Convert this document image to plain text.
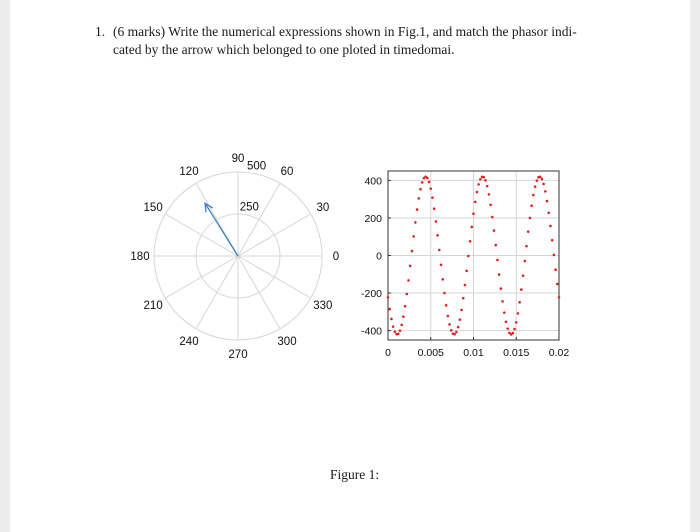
1. (6 marks) Write the numerical expressions shown in Fig.1, and match the phasor indi-
cated by the arrow which belonged to one ploted in timedomai.
0
30
60
90
120
150
180
210
240
270
300
330
250
500
0	0.005 0.01 0.015 0.02
400
200
0
-200
-400
Figure 1:
